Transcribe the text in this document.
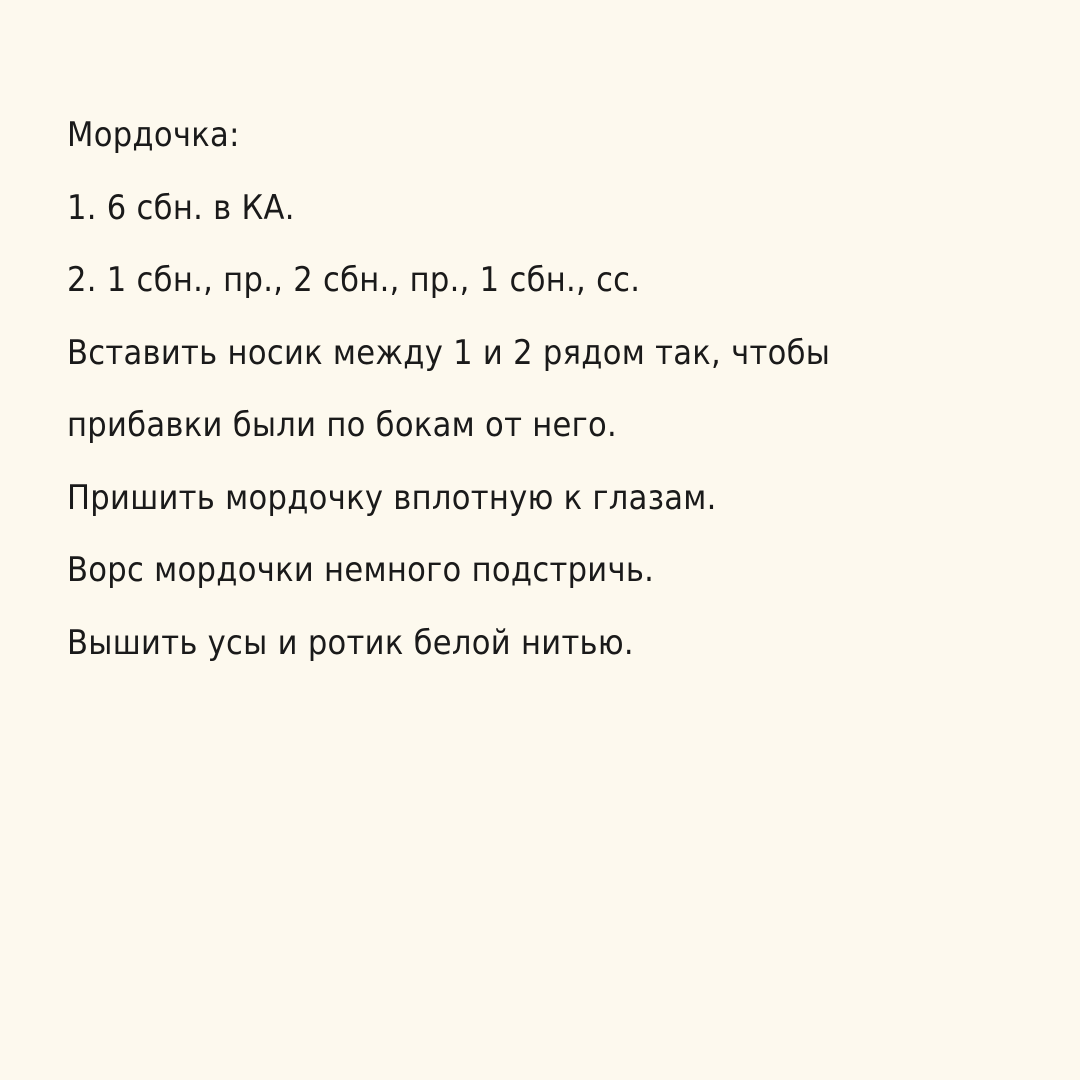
Мордочка:
1. 6 сбн. в КА.
2. 1 сбн., пр., 2 сбн., пр., 1 сбн., сс.
Вставить носик между 1 и 2 рядом так, чтобы
прибавки были по бокам от него.
Пришить мордочку вплотную к глазам.
Ворс мордочки немного подстричь.
Вышить усы и ротик белой нитью.
